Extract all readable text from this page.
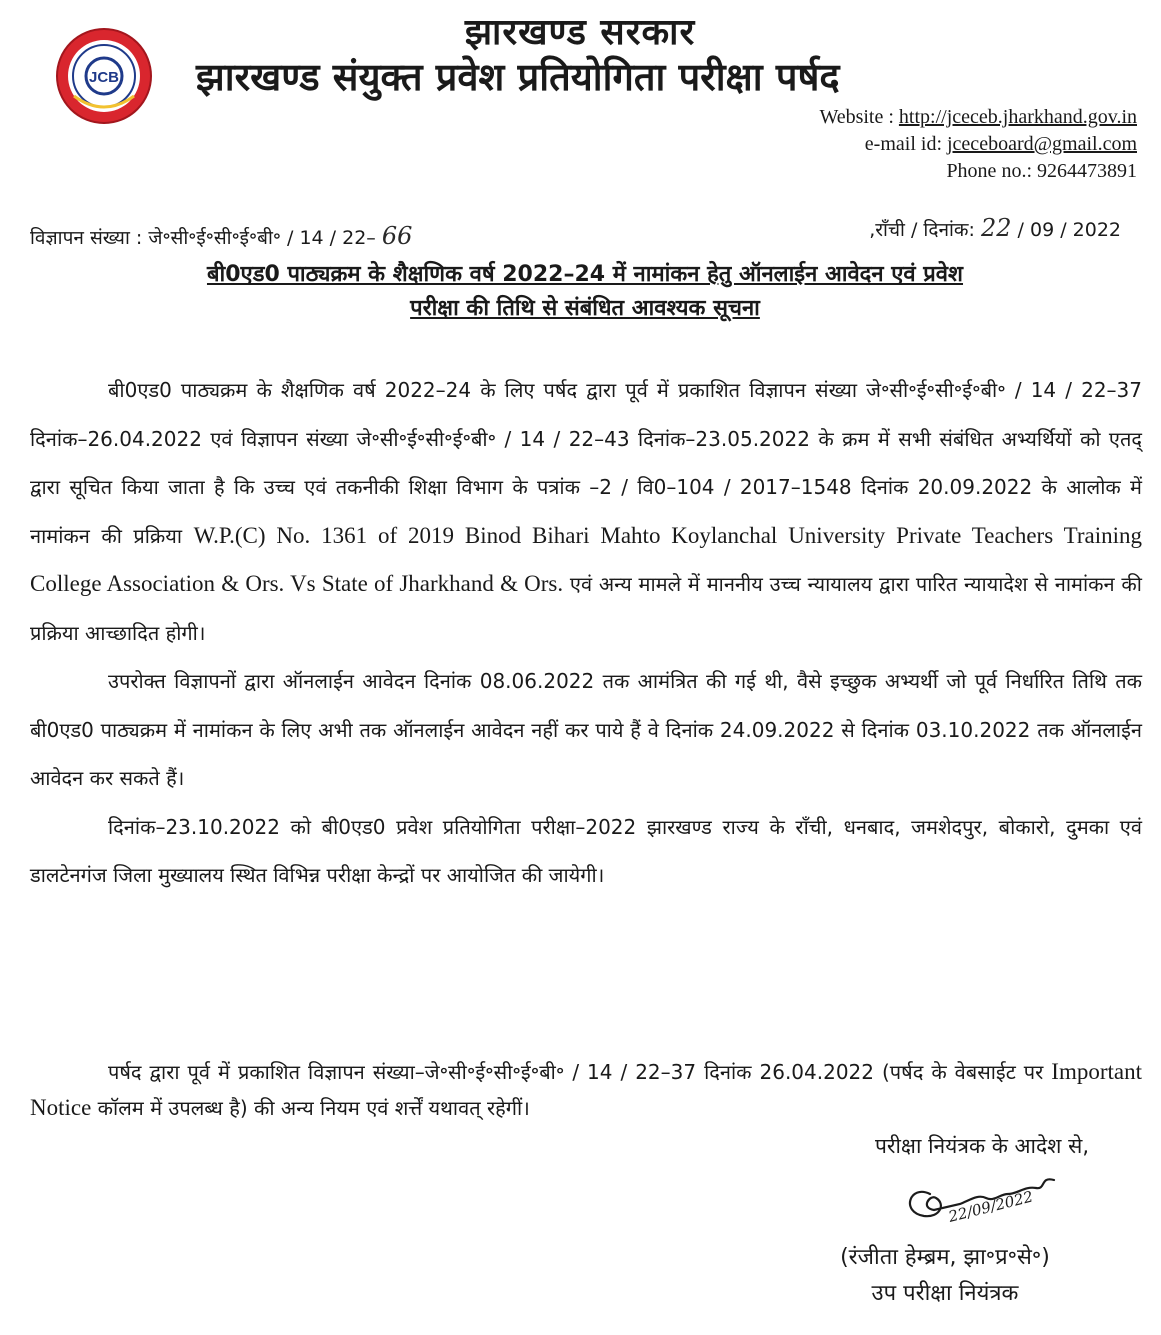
JCB
झारखण्ड सरकार
झारखण्ड संयुक्त प्रवेश प्रतियोगिता परीक्षा पर्षद
Website : http://jceceb.jharkhand.gov.in
e-mail id: jceceboard@gmail.com
Phone no.: 9264473891
विज्ञापन संख्या : जे॰सी॰ई॰सी॰ई॰बी॰ / 14 / 22– 66	,राँची / दिनांक: 22 / 09 / 2022
बी0एड0 पाठ्यक्रम के शैक्षणिक वर्ष 2022–24 में नामांकन हेतु ऑनलाईन आवेदन एवं प्रवेश
परीक्षा की तिथि से संबंधित आवश्यक सूचना

बी0एड0 पाठ्यक्रम के शैक्षणिक वर्ष 2022–24 के लिए पर्षद द्वारा पूर्व में प्रकाशित विज्ञापन संख्या जे॰सी॰ई॰सी॰ई॰बी॰ / 14 / 22–37 दिनांक–26.04.2022 एवं विज्ञापन संख्या जे॰सी॰ई॰सी॰ई॰बी॰ / 14 / 22–43 दिनांक–23.05.2022 के क्रम में सभी संबंधित अभ्यर्थियों को एतद् द्वारा सूचित किया जाता है कि उच्च एवं तकनीकी शिक्षा विभाग के पत्रांक –2 / वि0–104 / 2017–1548 दिनांक 20.09.2022 के आलोक में नामांकन की प्रक्रिया W.P.(C) No. 1361 of 2019 Binod Bihari Mahto Koylanchal University Private Teachers Training College Association & Ors. Vs State of Jharkhand & Ors. एवं अन्य मामले में माननीय उच्च न्यायालय द्वारा पारित न्यायादेश से नामांकन की प्रक्रिया आच्छादित होगी।

उपरोक्त विज्ञापनों द्वारा ऑनलाईन आवेदन दिनांक 08.06.2022 तक आमंत्रित की गई थी, वैसे इच्छुक अभ्यर्थी जो पूर्व निर्धारित तिथि तक बी0एड0 पाठ्यक्रम में नामांकन के लिए अभी तक ऑनलाईन आवेदन नहीं कर पाये हैं वे दिनांक 24.09.2022 से दिनांक 03.10.2022 तक ऑनलाईन आवेदन कर सकते हैं।

दिनांक–23.10.2022 को बी0एड0 प्रवेश प्रतियोगिता परीक्षा–2022 झारखण्ड राज्य के राँची, धनबाद, जमशेदपुर, बोकारो, दुमका एवं डालटेनगंज जिला मुख्यालय स्थित विभिन्न परीक्षा केन्द्रों पर आयोजित की जायेगी।

पर्षद द्वारा पूर्व में प्रकाशित विज्ञापन संख्या–जे॰सी॰ई॰सी॰ई॰बी॰ / 14 / 22–37 दिनांक 26.04.2022 (पर्षद के वेबसाईट पर Important Notice कॉलम में उपलब्ध है) की अन्य नियम एवं शर्त्तें यथावत् रहेगीं।

परीक्षा नियंत्रक के आदेश से,
22/09/2022
(रंजीता हेम्ब्रम, झा॰प्र॰से॰)
उप परीक्षा नियंत्रक
